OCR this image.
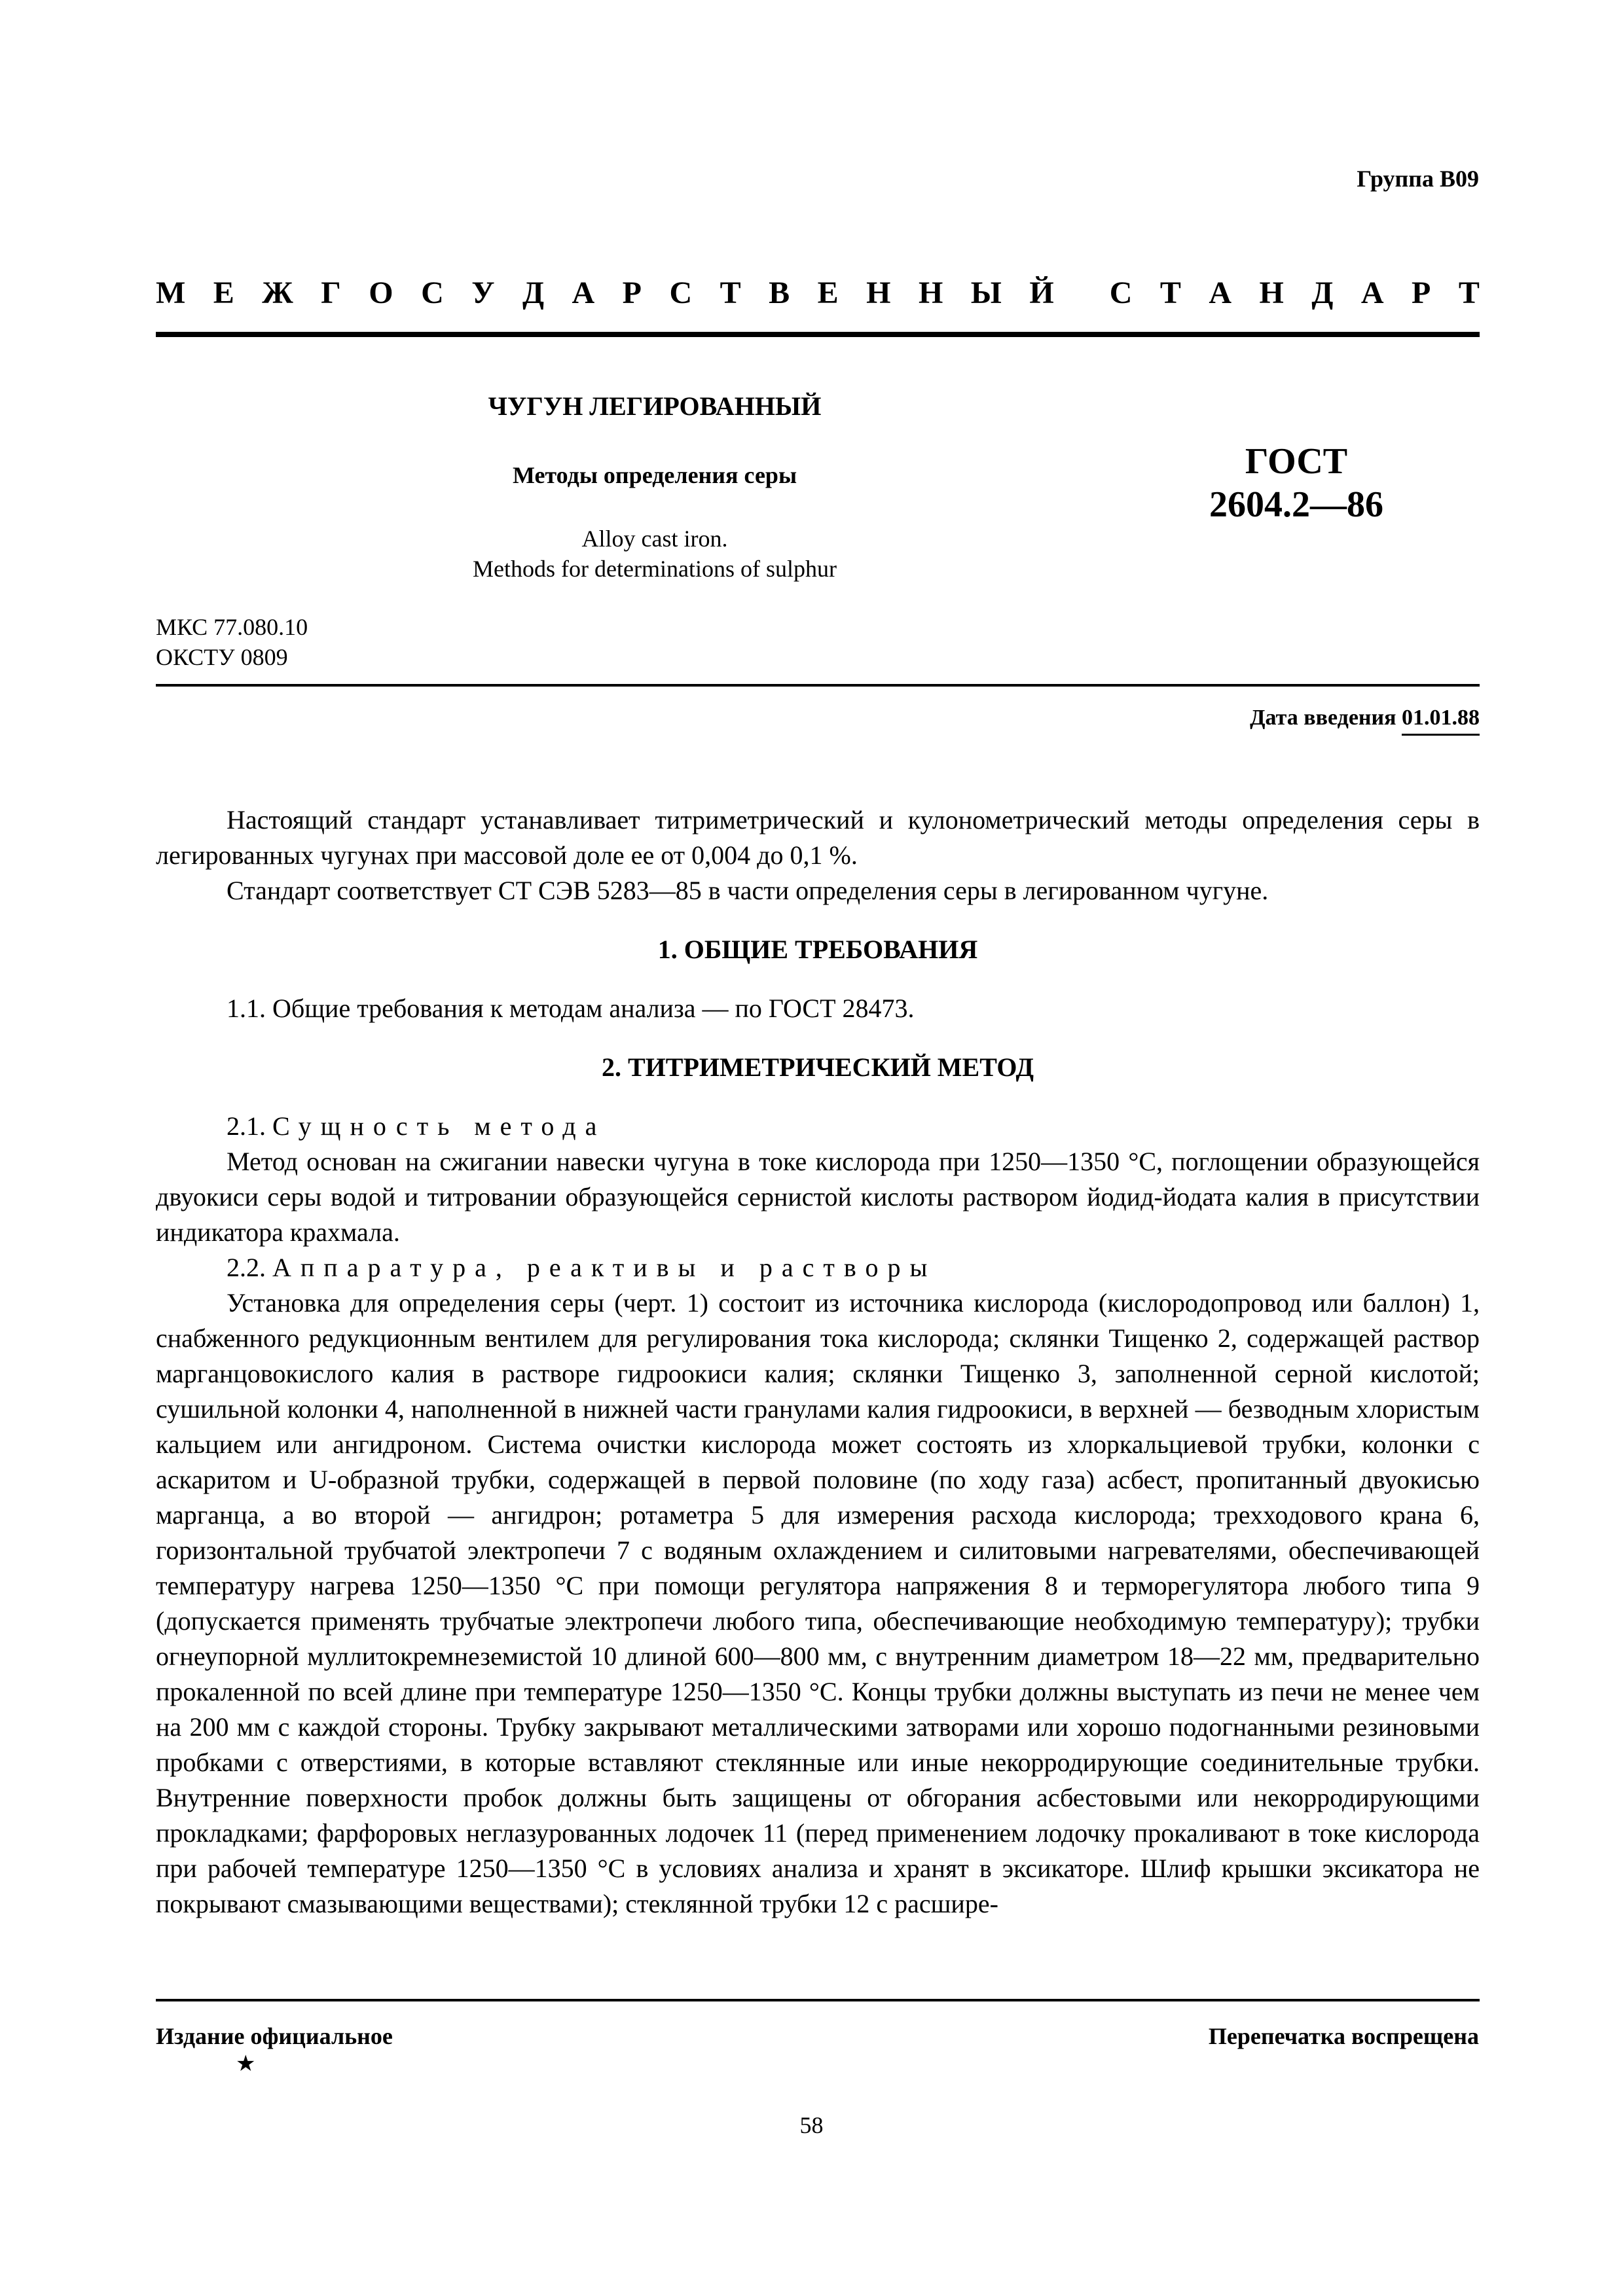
Группа В09
М Е Ж Г О С У Д А Р С Т В Е Н Н Ы Й С Т А Н Д А Р Т
ЧУГУН ЛЕГИРОВАННЫЙ
Методы определения серы
Alloy cast iron.
Methods for determinations of sulphur
ГОСТ
2604.2—86
МКС 77.080.10
ОКСТУ 0809
Дата введения 01.01.88

Настоящий стандарт устанавливает титриметрический и кулонометрический методы определения серы в легированных чугунах при массовой доле ее от 0,004 до 0,1 %.

Стандарт соответствует СТ СЭВ 5283—85 в части определения серы в легированном чугуне.

1. ОБЩИЕ ТРЕБОВАНИЯ

1.1. Общие требования к методам анализа — по ГОСТ 28473.

2. ТИТРИМЕТРИЧЕСКИЙ МЕТОД

2.1. Сущность метода

Метод основан на сжигании навески чугуна в токе кислорода при 1250—1350 °С, поглощении образующейся двуокиси серы водой и титровании образующейся сернистой кислоты раствором йодид-йодата калия в присутствии индикатора крахмала.

2.2. Аппаратура, реактивы и растворы

Установка для определения серы (черт. 1) состоит из источника кислорода (кислородопровод или баллон) 1, снабженного редукционным вентилем для регулирования тока кислорода; склянки Тищенко 2, содержащей раствор марганцовокислого калия в растворе гидроокиси калия; склянки Тищенко 3, заполненной серной кислотой; сушильной колонки 4, наполненной в нижней части гранулами калия гидроокиси, в верхней — безводным хлористым кальцием или ангидроном. Система очистки кислорода может состоять из хлоркальциевой трубки, колонки с аскаритом и U-образной трубки, содержащей в первой половине (по ходу газа) асбест, пропитанный двуокисью марганца, а во второй — ангидрон; ротаметра 5 для измерения расхода кислорода; трехходового крана 6, горизонтальной трубчатой электропечи 7 с водяным охлаждением и силитовыми нагревателями, обеспечивающей температуру нагрева 1250—1350 °С при помощи регулятора напряжения 8 и терморегулятора любого типа 9 (допускается применять трубчатые электропечи любого типа, обеспечивающие необходимую температуру); трубки огнеупорной муллитокремнеземистой 10 длиной 600—800 мм, с внутренним диаметром 18—22 мм, предварительно прокаленной по всей длине при температуре 1250—1350 °С. Концы трубки должны выступать из печи не менее чем на 200 мм с каждой стороны. Трубку закрывают металлическими затворами или хорошо подогнанными резиновыми пробками с отверстиями, в которые вставляют стеклянные или иные некорродирующие соединительные трубки. Внутренние поверхности пробок должны быть защищены от обгорания асбестовыми или некорродирующими прокладками; фарфоровых неглазурованных лодочек 11 (перед применением лодочку прокаливают в токе кислорода при рабочей температуре 1250—1350 °С в условиях анализа и хранят в эксикаторе. Шлиф крышки эксикатора не покрывают смазывающими веществами); стеклянной трубки 12 с расшире-

Издание официальное	Перепечатка воспрещена
★
58
